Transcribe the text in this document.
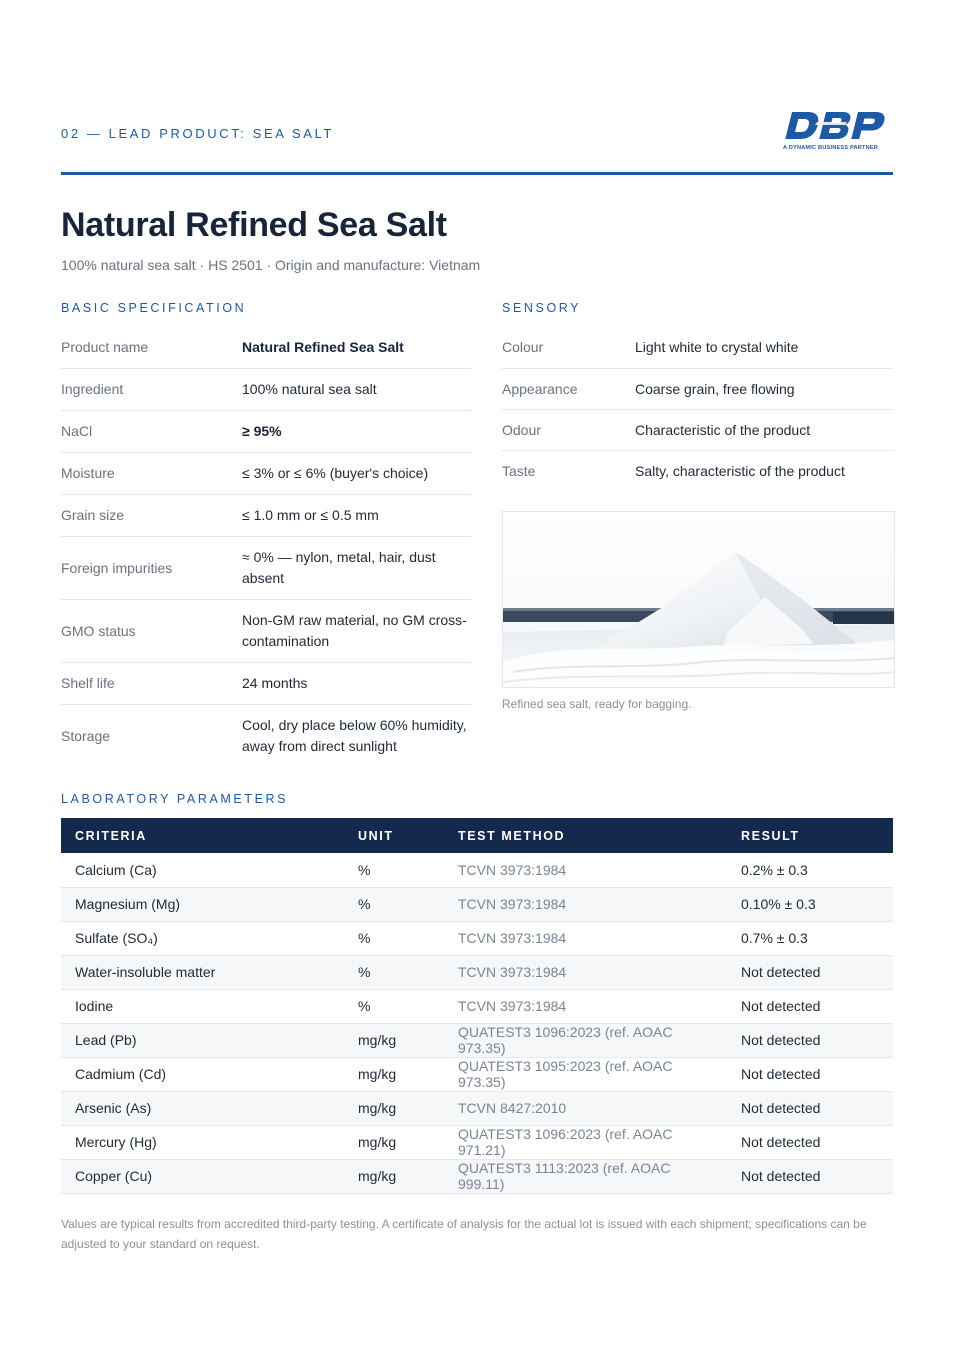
02 — LEAD PRODUCT: SEA SALT
A DYNAMIC BUSINESS PARTNER
Natural Refined Sea Salt
100% natural sea salt · HS 2501 · Origin and manufacture: Vietnam
BASIC SPECIFICATION
Product name	Natural Refined Sea Salt
Ingredient	100% natural sea salt
NaCl	≥ 95%
Moisture	≤ 3% or ≤ 6% (buyer's choice)
Grain size	≤ 1.0 mm or ≤ 0.5 mm
Foreign impurities	≈ 0% — nylon, metal, hair, dust absent
GMO status	Non-GM raw material, no GM cross-contamination
Shelf life	24 months
Storage	Cool, dry place below 60% humidity, away from direct sunlight
SENSORY
Colour	Light white to crystal white
Appearance	Coarse grain, free flowing
Odour	Characteristic of the product
Taste	Salty, characteristic of the product
Refined sea salt, ready for bagging.
LABORATORY PARAMETERS
CRITERIA	UNIT	TEST METHOD	RESULT
Calcium (Ca)	%	TCVN 3973:1984	0.2% ± 0.3
Magnesium (Mg)	%	TCVN 3973:1984	0.10% ± 0.3
Sulfate (SO₄)	%	TCVN 3973:1984	0.7% ± 0.3
Water-insoluble matter	%	TCVN 3973:1984	Not detected
Iodine	%	TCVN 3973:1984	Not detected
Lead (Pb)	mg/kg	QUATEST3 1096:2023 (ref. AOAC 973.35)	Not detected
Cadmium (Cd)	mg/kg	QUATEST3 1095:2023 (ref. AOAC 973.35)	Not detected
Arsenic (As)	mg/kg	TCVN 8427:2010	Not detected
Mercury (Hg)	mg/kg	QUATEST3 1096:2023 (ref. AOAC 971.21)	Not detected
Copper (Cu)	mg/kg	QUATEST3 1113:2023 (ref. AOAC 999.11)	Not detected

Values are typical results from accredited third-party testing. A certificate of analysis for the actual lot is issued with each shipment; specifications can be adjusted to your standard on request.
